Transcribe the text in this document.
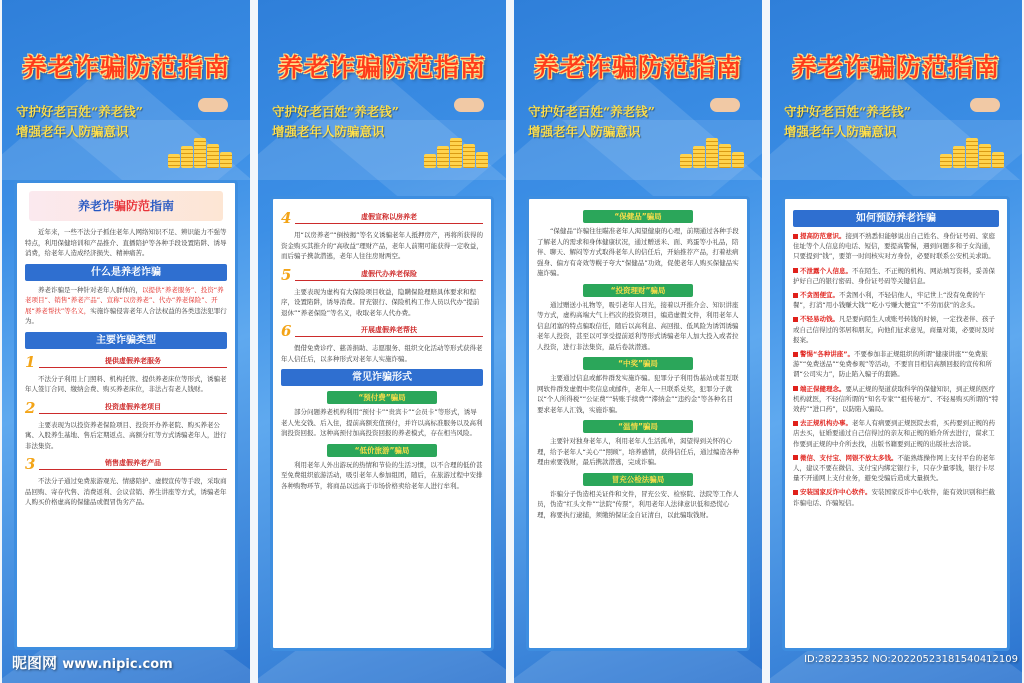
养老诈骗防范指南
守护好老百姓“养老钱”
增强老年人防骗意识
养老诈骗防范指南
近年来，一些不法分子抓住老年人网络知识不足、辨识能力不强等特点，利用保健培训和产品推介、直播陪护等各种手段设置陷阱、诱导消费，给老年人造成经济损失、精神痛苦。
什么是养老诈骗
养老诈骗是一种针对老年人群体的，以提供“养老服务”、投资“养老项目”、销售“养老产品”、宣称“以房养老”、代办“养老保险”、开展“养老帮扶”等名义，实施诈骗侵害老年人合法权益的各类违法犯罪行为。
主要诈骗类型
1	提供虚假养老服务
不法分子利用上门照料、机构托管、提供养老床位等形式，诱骗老年人签订合同、缴纳会费、购买养老床位，非法占有老人钱财。
2	投资虚假养老项目
主要表现为以投资养老保险项目、投资开办养老院、购买养老公寓、入股养生基地、售后定期返点、高额分红等方式诱骗老年人，进行非法集资。
3	销售虚假养老产品
不法分子通过免费旅游观光、情感陪护、虚假宣传等手段，采取商品回购、寄存代售、消费返利、会议营销、养生讲座等方式，诱骗老年人购买价格虚高的保健品或假冒伪劣产品。
昵图网 www.nipic.com
养老诈骗防范指南
守护好老百姓“养老钱”
增强老年人防骗意识
4	虚假宣称以房养老
用“以房养老”“倒按揭”等名义诱骗老年人抵押房产，再将所获得的资金购买其推介的“高收益”理财产品，老年人前期可能获得一定收益，而后骗子携款潜逃，老年人往往房财两空。
5	虚假代办养老保险
主要表现为虚构有大保险项目收益，隐瞒保险理赔具体要求和程序，设置陷阱，诱导消费。冒充银行、保险机构工作人员以代办“提前退休”“养老保险”等名义，收取老年人代办费。
6	开展虚假养老帮扶
假借免费诊疗、慈善捐助、志愿服务、组织文化活动等形式获得老年人信任后，以多种形式对老年人实施诈骗。
常见诈骗形式
“预付费”骗局
部分问题养老机构利用“预付卡”“贵宾卡”“会员卡”等形式，诱导老人先交钱、后入住，提前高额充值预付，并许以高标准服务以及高利润投资回报。这种高预付加高投资回报的养老模式，存在相当风险。
“低价旅游”骗局
利用老年人外出游玩的热情和节俭的生活习惯，以不合理的低价甚至免费组织旅游活动，吸引老年人参加组团，随后，在旅游过程中安排各种购物环节，将商品以远高于市场价格卖给老年人进行牟利。
养老诈骗防范指南
守护好老百姓“养老钱”
增强老年人防骗意识
“保健品”骗局
“保健品”诈骗往往瞄准老年人渴望健康的心理，前期通过各种手段了解老人的需求和身体健康状况，通过赠送米、面、鸡蛋等小礼品，陪伴、聊天、解闷等方式取得老年人的信任后，开始推荐产品，打着祛病强身、偏方有奇效等幌子夸大“保健品”功效，促使老年人购买保健品实施诈骗。
“投资理财”骗局
通过赠送小礼物等，吸引老年人目光，接着以开推介会、知识讲座等方式，虚构高端大气上档次的投资项目，编造虚假文件，利用老年人信息闭塞的特点骗取信任，随后以高利息、高回报、低风险为诱饵诱骗老年人投资，甚至以可享受提前返利等形式诱骗老年人加大投入或者拉人投资，进行非法集资，最后卷款潜逃。
“中奖”骗局
主要通过信息或邮件群发实施诈骗。犯罪分子利用伪基站或者互联网软件群发虚假中奖信息或邮件，老年人一旦联系兑奖，犯罪分子就以“个人所得税”“公证费”“转账手续费”“滞纳金”“违约金”等各种名目要求老年人汇钱，实施诈骗。
“温情”骗局
主要针对独身老年人，利用老年人生活孤单，渴望得到关怀的心理，给予老年人“关心”“照顾”，培养感情，获得信任后，通过编造各种理由索要钱财，最后携款潜逃，完成诈骗。
冒充公检法骗局
诈骗分子伪造相关证件和文件，冒充公安、检察院、法院等工作人员，伪造“红头文件”“法院”传票”，利用老年人法律意识低和恐慌心理，称要执行逮捕，须缴纳保证金自证清白，以此骗取钱财。
养老诈骗防范指南
守护好老百姓“养老钱”
增强老年人防骗意识
如何预防养老诈骗
提高防范意识。接到不熟悉但能够说出自己姓名、身份证号码、家庭住址等个人信息的电话、短信，要提高警惕，遇到问题多和子女沟通，只要提到“钱”，要第一时间核实对方身份，必要时联系公安机关求助。
不泄露个人信息。不在陌生、不正规的机构、网站填写资料，妥善保护好自己的银行密码、身份证号码等关键信息。
不贪图便宜。不贪图小利，不轻信他人，牢记世上“没有免费的午餐”，打消“用小钱赚大钱”“吃小亏赚大便宜”“不劳而获”的念头。
不轻易动钱。凡是要向陌生人或账号转钱的时候，一定找老伴、孩子或自己信得过的邻居和朋友，向他们征求意见，商量对策，必要时及时报案。
警惕“各种讲座”。不要参加非正规组织的所谓“健康讲座”“免费旅游”“免费送品”“免费参观”等活动，不要盲目相信高额回报的宣传和所谓“公司实力”，防止陷入骗子的套路。
端正保健理念。要从正规的渠道获取科学的保健知识，到正规的医疗机构就医，不轻信所谓的“知名专家”“祖传秘方”、不轻易购买所谓的“特效药”“进口药”，以防陷入骗局。
去正规机构办事。老年人有病要到正规医院去看，买药要到正规的药店去买，征婚要通过自己信得过的亲友和正规的婚介所去进行，谋求工作要到正规的中介所去找，出版书籍要到正规的出版社去洽谈。
微信、支付宝、网银不放太多钱。不能熟练操作网上支付平台的老年人，建议不要在微信、支付宝内绑定银行卡，只存少量零钱，银行卡尽量不开通网上支付业务，避免受骗后造成大量损失。
安装国家反诈中心软件。安装国家反诈中心软件，能有效识别和拦截诈骗电话、诈骗短信。
ID:28223352 NO:20220523181540412109
